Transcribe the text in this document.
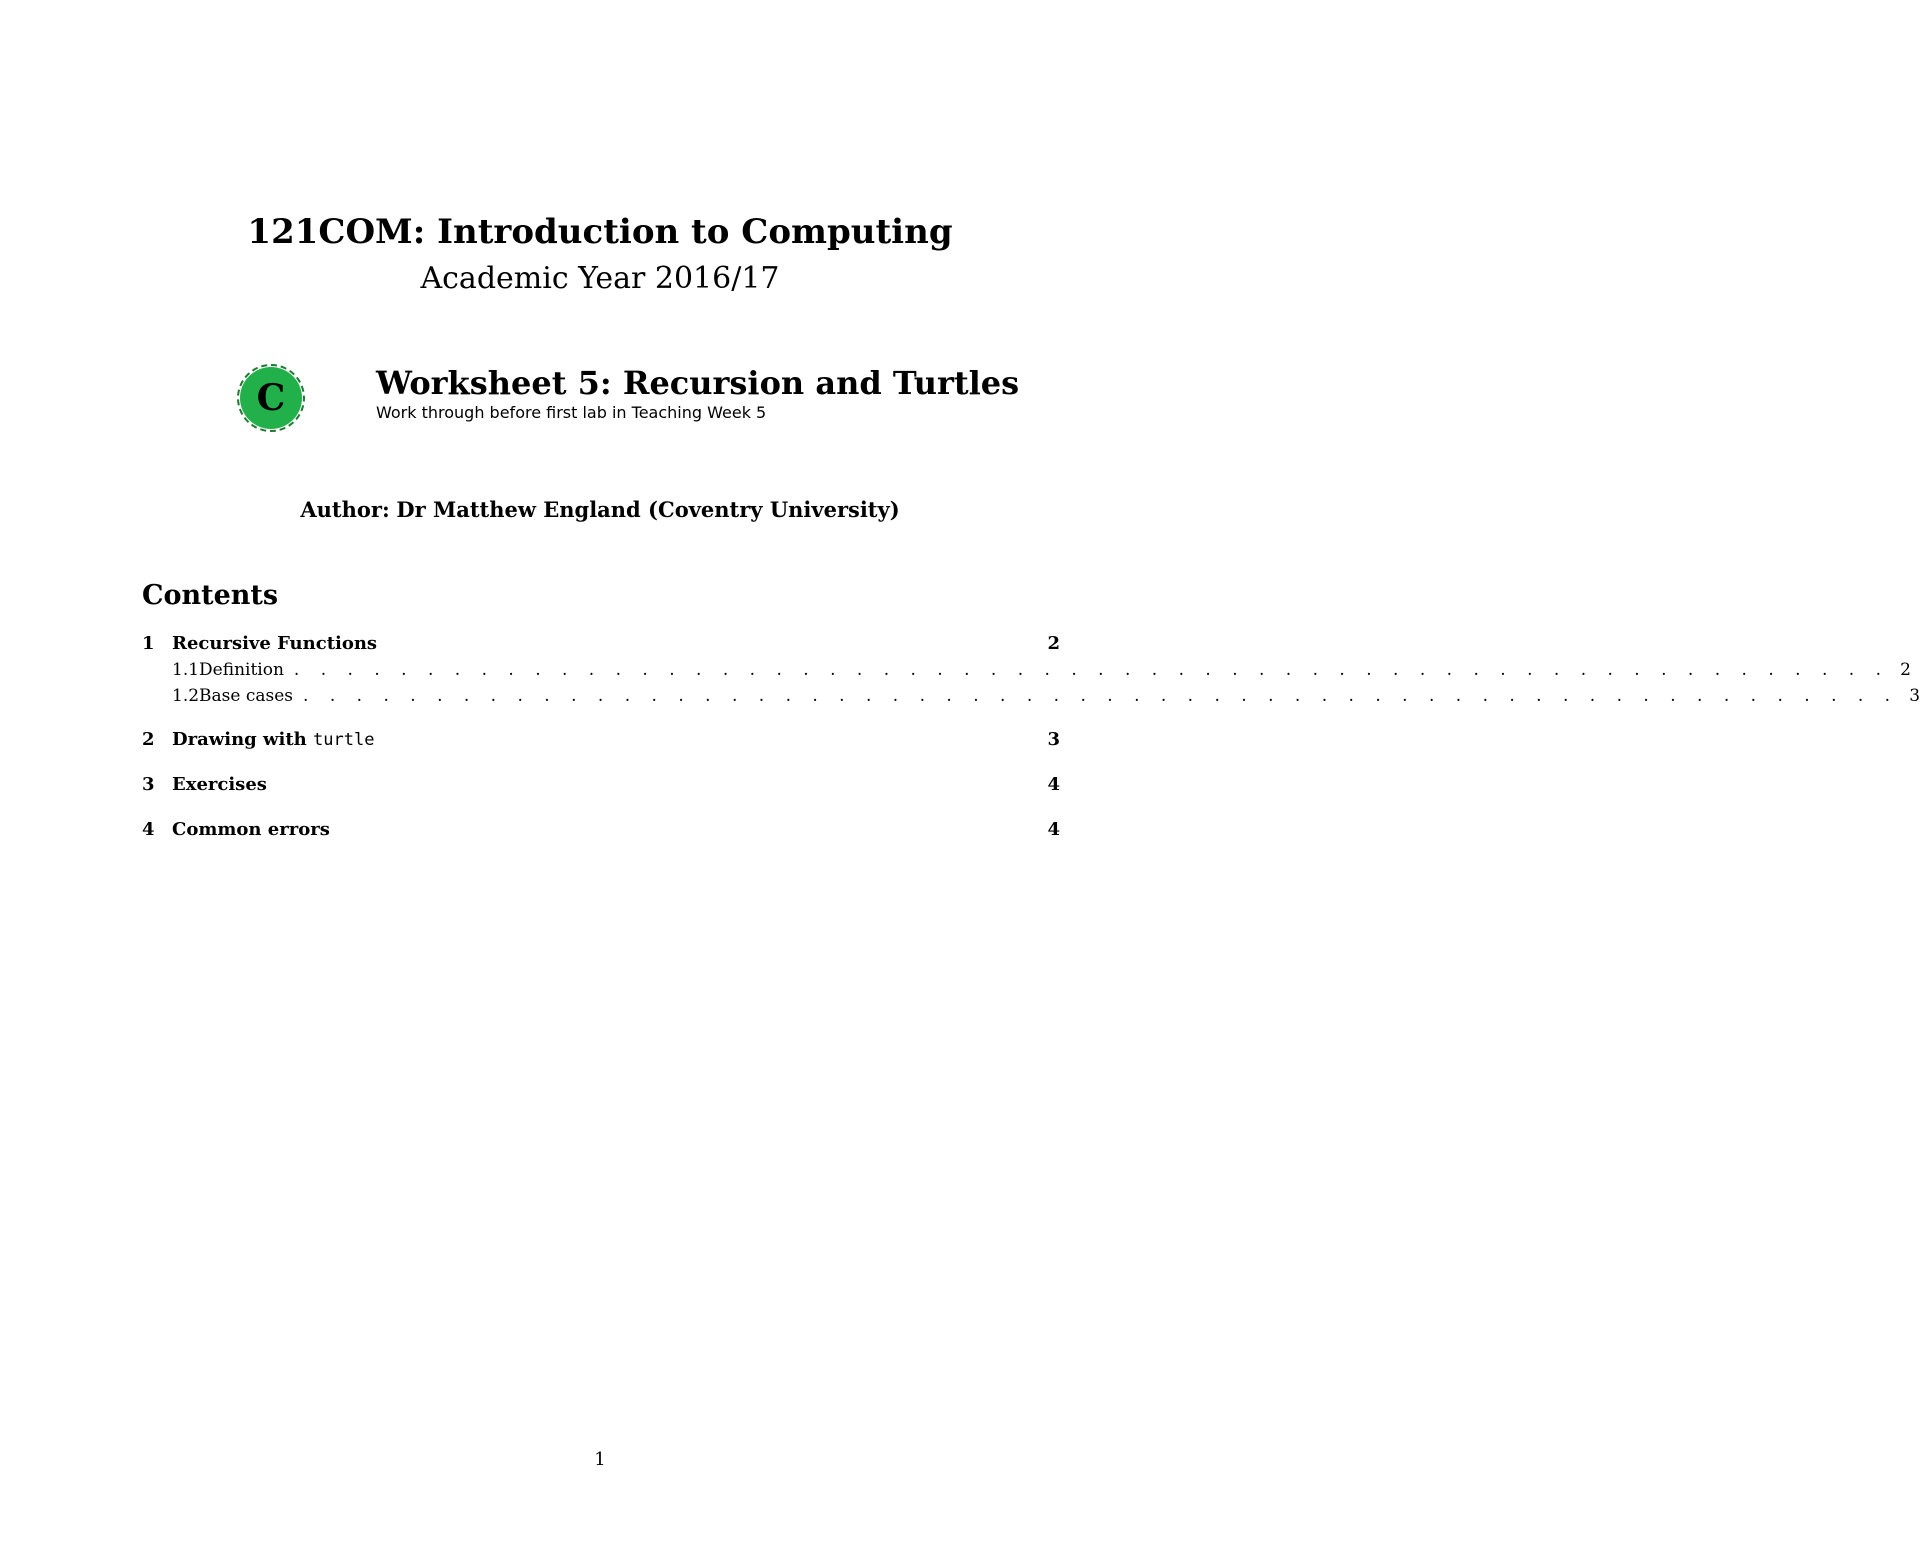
121COM: Introduction to Computing
Academic Year 2016/17
C	Worksheet 5: Recursion and Turtles
Work through before first lab in Teaching Week 5
Author: Dr Matthew England (Coventry University)
Contents
1 Recursive Functions	2
1.1 Definition . . . . . . . . . . . . . . . . . . . . . . . . . . . . . . . . . . . . . . . . . . . . . . . . . . . . . . . . . . . . 2
1.2 Base cases . . . . . . . . . . . . . . . . . . . . . . . . . . . . . . . . . . . . . . . . . . . . . . . . . . . . . . . . . . . . 3
2 Drawing with turtle	3
3 Exercises	4
4 Common errors	4
1
